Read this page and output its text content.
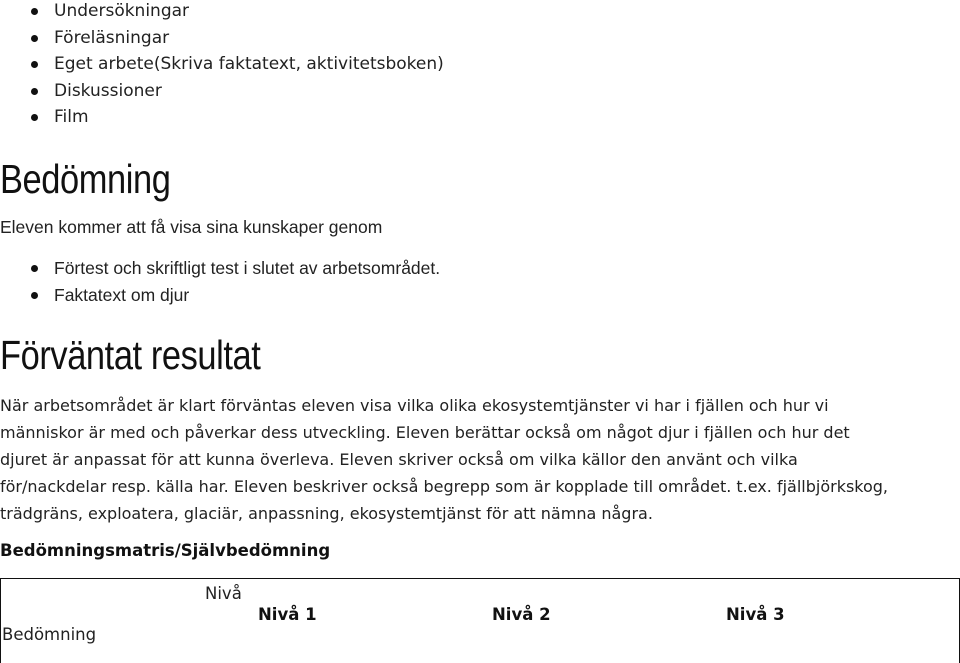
Undersökningar
Föreläsningar
Eget arbete(Skriva faktatext, aktivitetsboken)
Diskussioner
Film
Bedömning

Eleven kommer att få visa sina kunskaper genom

Förtest och skriftligt test i slutet av arbetsområdet.
Faktatext om djur
Förväntat resultat

När arbetsområdet är klart förväntas eleven visa vilka olika ekosystemtjänster vi har i fjällen och hur vi
människor är med och påverkar dess utveckling. Eleven berättar också om något djur i fjällen och hur det
djuret är anpassat för att kunna överleva. Eleven skriver också om vilka källor den använt och vilka
för/nackdelar resp. källa har. Eleven beskriver också begrepp som är kopplade till området. t.ex. fjällbjörkskog,
trädgräns, exploatera, glaciär, anpassning, ekosystemtjänst för att nämna några.

Bedömningsmatris/Självbedömning

Nivå
Bedömning
Nivå 1	Nivå 2	Nivå 3
